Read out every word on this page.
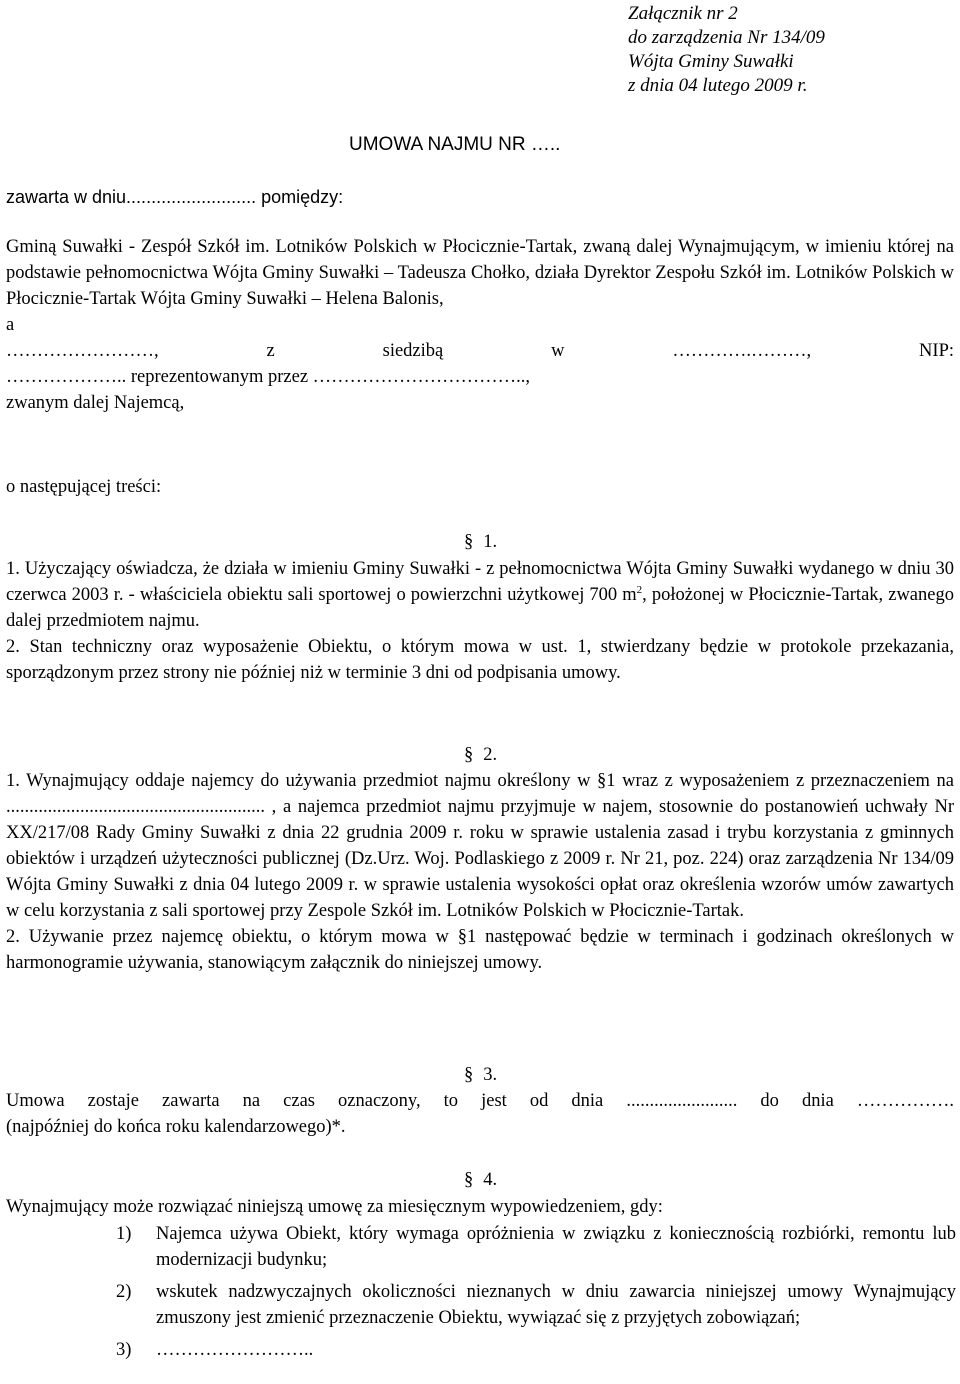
Załącznik nr 2
do zarządzenia Nr 134/09
Wójta Gminy Suwałki
z dnia 04 lutego 2009 r.
UMOWA NAJMU NR …..
zawarta w dniu.......................... pomiędzy:

Gminą Suwałki - Zespół Szkół im. Lotników Polskich w Płocicznie-Tartak, zwaną dalej Wynajmującym, w imieniu której na podstawie pełnomocnictwa Wójta Gminy Suwałki – Tadeusza Chołko, działa Dyrektor Zespołu Szkół im. Lotników Polskich w Płocicznie-Tartak Wójta Gminy Suwałki – Helena Balonis,

a

……………………, z siedzibą w ………….………, NIP:

……………….. reprezentowanym przez ……………………………..,

zwanym dalej Najemcą,

o następującej treści:

§ 1.

1. Użyczający oświadcza, że działa w imieniu Gminy Suwałki - z pełnomocnictwa Wójta Gminy Suwałki wydanego w dniu 30 czerwca 2003 r. - właściciela obiektu sali sportowej o powierzchni użytkowej 700 $m^2$, położonej w Płocicznie-Tartak, zwanego dalej przedmiotem najmu.

2. Stan techniczny oraz wyposażenie Obiektu, o którym mowa w ust. 1, stwierdzany będzie w protokole przekazania, sporządzonym przez strony nie później niż w terminie 3 dni od podpisania umowy.

§ 2.

1. Wynajmujący oddaje najemcy do używania przedmiot najmu określony w §1 wraz z wyposażeniem z przeznaczeniem na ........................................................ , a najemca przedmiot najmu przyjmuje w najem, stosownie do postanowień uchwały Nr XX/217/08 Rady Gminy Suwałki z dnia 22 grudnia 2009 r. roku w sprawie ustalenia zasad i trybu korzystania z gminnych obiektów i urządzeń użyteczności publicznej (Dz.Urz. Woj. Podlaskiego z 2009 r. Nr 21, poz. 224) oraz zarządzenia Nr 134/09 Wójta Gminy Suwałki z dnia 04 lutego 2009 r. w sprawie ustalenia wysokości opłat oraz określenia wzorów umów zawartych w celu korzystania z sali sportowej przy Zespole Szkół im. Lotników Polskich w Płocicznie-Tartak.

2. Używanie przez najemcę obiektu, o którym mowa w §1 następować będzie w terminach i godzinach określonych w harmonogramie używania, stanowiącym załącznik do niniejszej umowy.

§ 3.

Umowa zostaje zawarta na czas oznaczony, to jest od dnia ........................ do dnia …………….

(najpóźniej do końca roku kalendarzowego)*.

§ 4.

Wynajmujący może rozwiązać niniejszą umowę za miesięcznym wypowiedzeniem, gdy:

1) Najemca używa Obiekt, który wymaga opróżnienia w związku z koniecznością rozbiórki, remontu lub modernizacji budynku;
2) wskutek nadzwyczajnych okoliczności nieznanych w dniu zawarcia niniejszej umowy Wynajmujący zmuszony jest zmienić przeznaczenie Obiektu, wywiązać się z przyjętych zobowiązań;
3) ……………………..
